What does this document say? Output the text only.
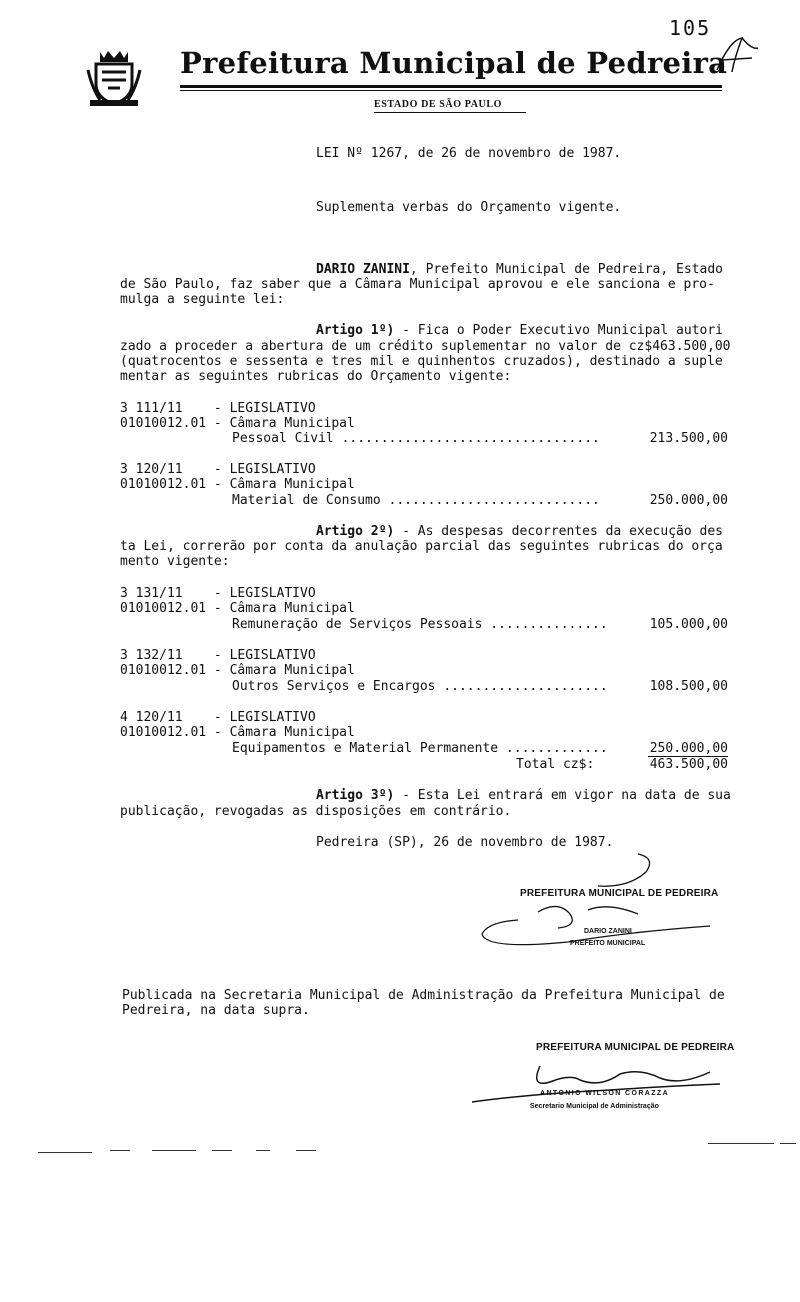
105
Prefeitura Municipal de Pedreira
ESTADO DE SÃO PAULO
LEI Nº 1267, de 26 de novembro de 1987.
Suplementa verbas do Orçamento vigente.
DARIO ZANINI, Prefeito Municipal de Pedreira, Estado
de São Paulo, faz saber que a Câmara Municipal aprovou e ele sanciona e pro-
mulga a seguinte lei:
Artigo 1º) - Fica o Poder Executivo Municipal autori
zado a proceder a abertura de um crédito suplementar no valor de cz$463.500,00
(quatrocentos e sessenta e tres mil e quinhentos cruzados), destinado a suple
mentar as seguintes rubricas do Orçamento vigente:
3 111/11    - LEGISLATIVO
01010012.01 - Câmara Municipal
Pessoal Civil .................................	213.500,00
3 120/11    - LEGISLATIVO
01010012.01 - Câmara Municipal
Material de Consumo ...........................	250.000,00
Artigo 2º) - As despesas decorrentes da execução des
ta Lei, correrão por conta da anulação parcial das seguintes rubricas do orça
mento vigente:
3 131/11    - LEGISLATIVO
01010012.01 - Câmara Municipal
Remuneração de Serviços Pessoais ...............	105.000,00
3 132/11    - LEGISLATIVO
01010012.01 - Câmara Municipal
Outros Serviços e Encargos .....................	108.500,00
4 120/11    - LEGISLATIVO
01010012.01 - Câmara Municipal
Equipamentos e Material Permanente .............	250.000,00
Total cz$:	463.500,00
Artigo 3º) - Esta Lei entrará em vigor na data de sua
publicação, revogadas as disposições em contrário.
Pedreira (SP), 26 de novembro de 1987.
PREFEITURA MUNICIPAL DE PEDREIRA
DARIO ZANINI
PREFEITO MUNICIPAL
Publicada na Secretaria Municipal de Administração da Prefeitura Municipal de
Pedreira, na data supra.
PREFEITURA MUNICIPAL DE PEDREIRA
ANTONIO WILSON CORAZZA
Secretario Municipal de Administração
